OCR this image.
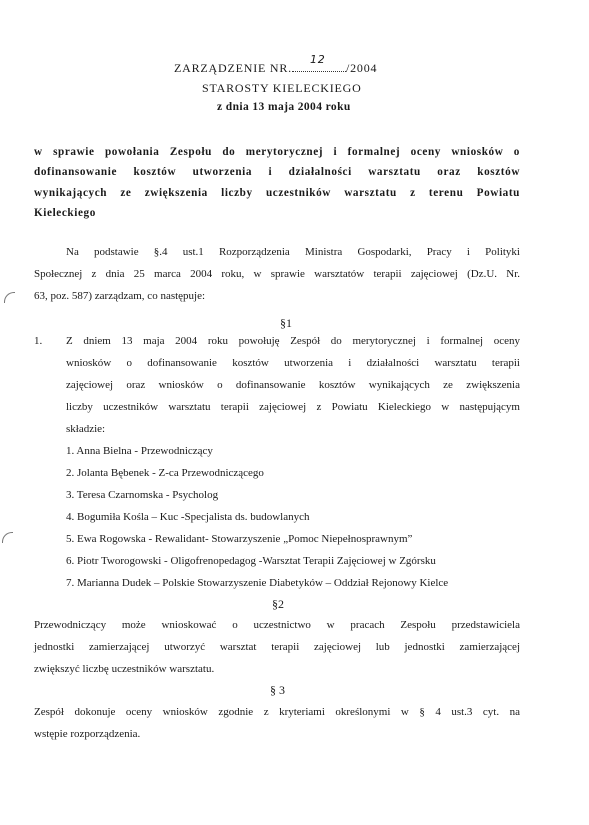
ZARZĄDZENIE NR.
12
/2004
STAROSTY KIELECKIEGO
z dnia 13 maja 2004 roku
w sprawie powołania Zespołu do merytorycznej i formalnej oceny wniosków o
dofinansowanie kosztów utworzenia i działalności warsztatu oraz kosztów
wynikających ze zwiększenia liczby uczestników warsztatu z terenu Powiatu
Kieleckiego
Na podstawie §.4 ust.1 Rozporządzenia Ministra Gospodarki, Pracy i Polityki
Społecznej z dnia 25 marca 2004 roku, w sprawie warsztatów terapii zajęciowej (Dz.U. Nr.
63, poz. 587) zarządzam, co następuje:
§1
1. Z dniem 13 maja 2004 roku powołuję Zespół do merytorycznej i formalnej oceny
wniosków o dofinansowanie kosztów utworzenia i działalności warsztatu terapii
zajęciowej oraz wniosków o dofinansowanie kosztów wynikających ze zwiększenia
liczby uczestników warsztatu terapii zajęciowej z Powiatu Kieleckiego w następującym
składzie:
1. Anna Bielna - Przewodniczący
2. Jolanta Bębenek - Z-ca Przewodniczącego
3. Teresa Czarnomska - Psycholog
4. Bogumiła Kośla – Kuc -Specjalista ds. budowlanych
5. Ewa Rogowska - Rewalidant- Stowarzyszenie „Pomoc Niepełnosprawnym”
6. Piotr Tworogowski - Oligofrenopedagog -Warsztat Terapii Zajęciowej w Zgórsku
7. Marianna Dudek – Polskie Stowarzyszenie Diabetyków – Oddział Rejonowy Kielce
§2
Przewodniczący może wnioskować o uczestnictwo w pracach Zespołu przedstawiciela
jednostki zamierzającej utworzyć warsztat terapii zajęciowej lub jednostki zamierzającej
zwiększyć liczbę uczestników warsztatu.
§ 3
Zespół dokonuje oceny wniosków zgodnie z kryteriami określonymi w § 4 ust.3 cyt. na
wstępie rozporządzenia.
